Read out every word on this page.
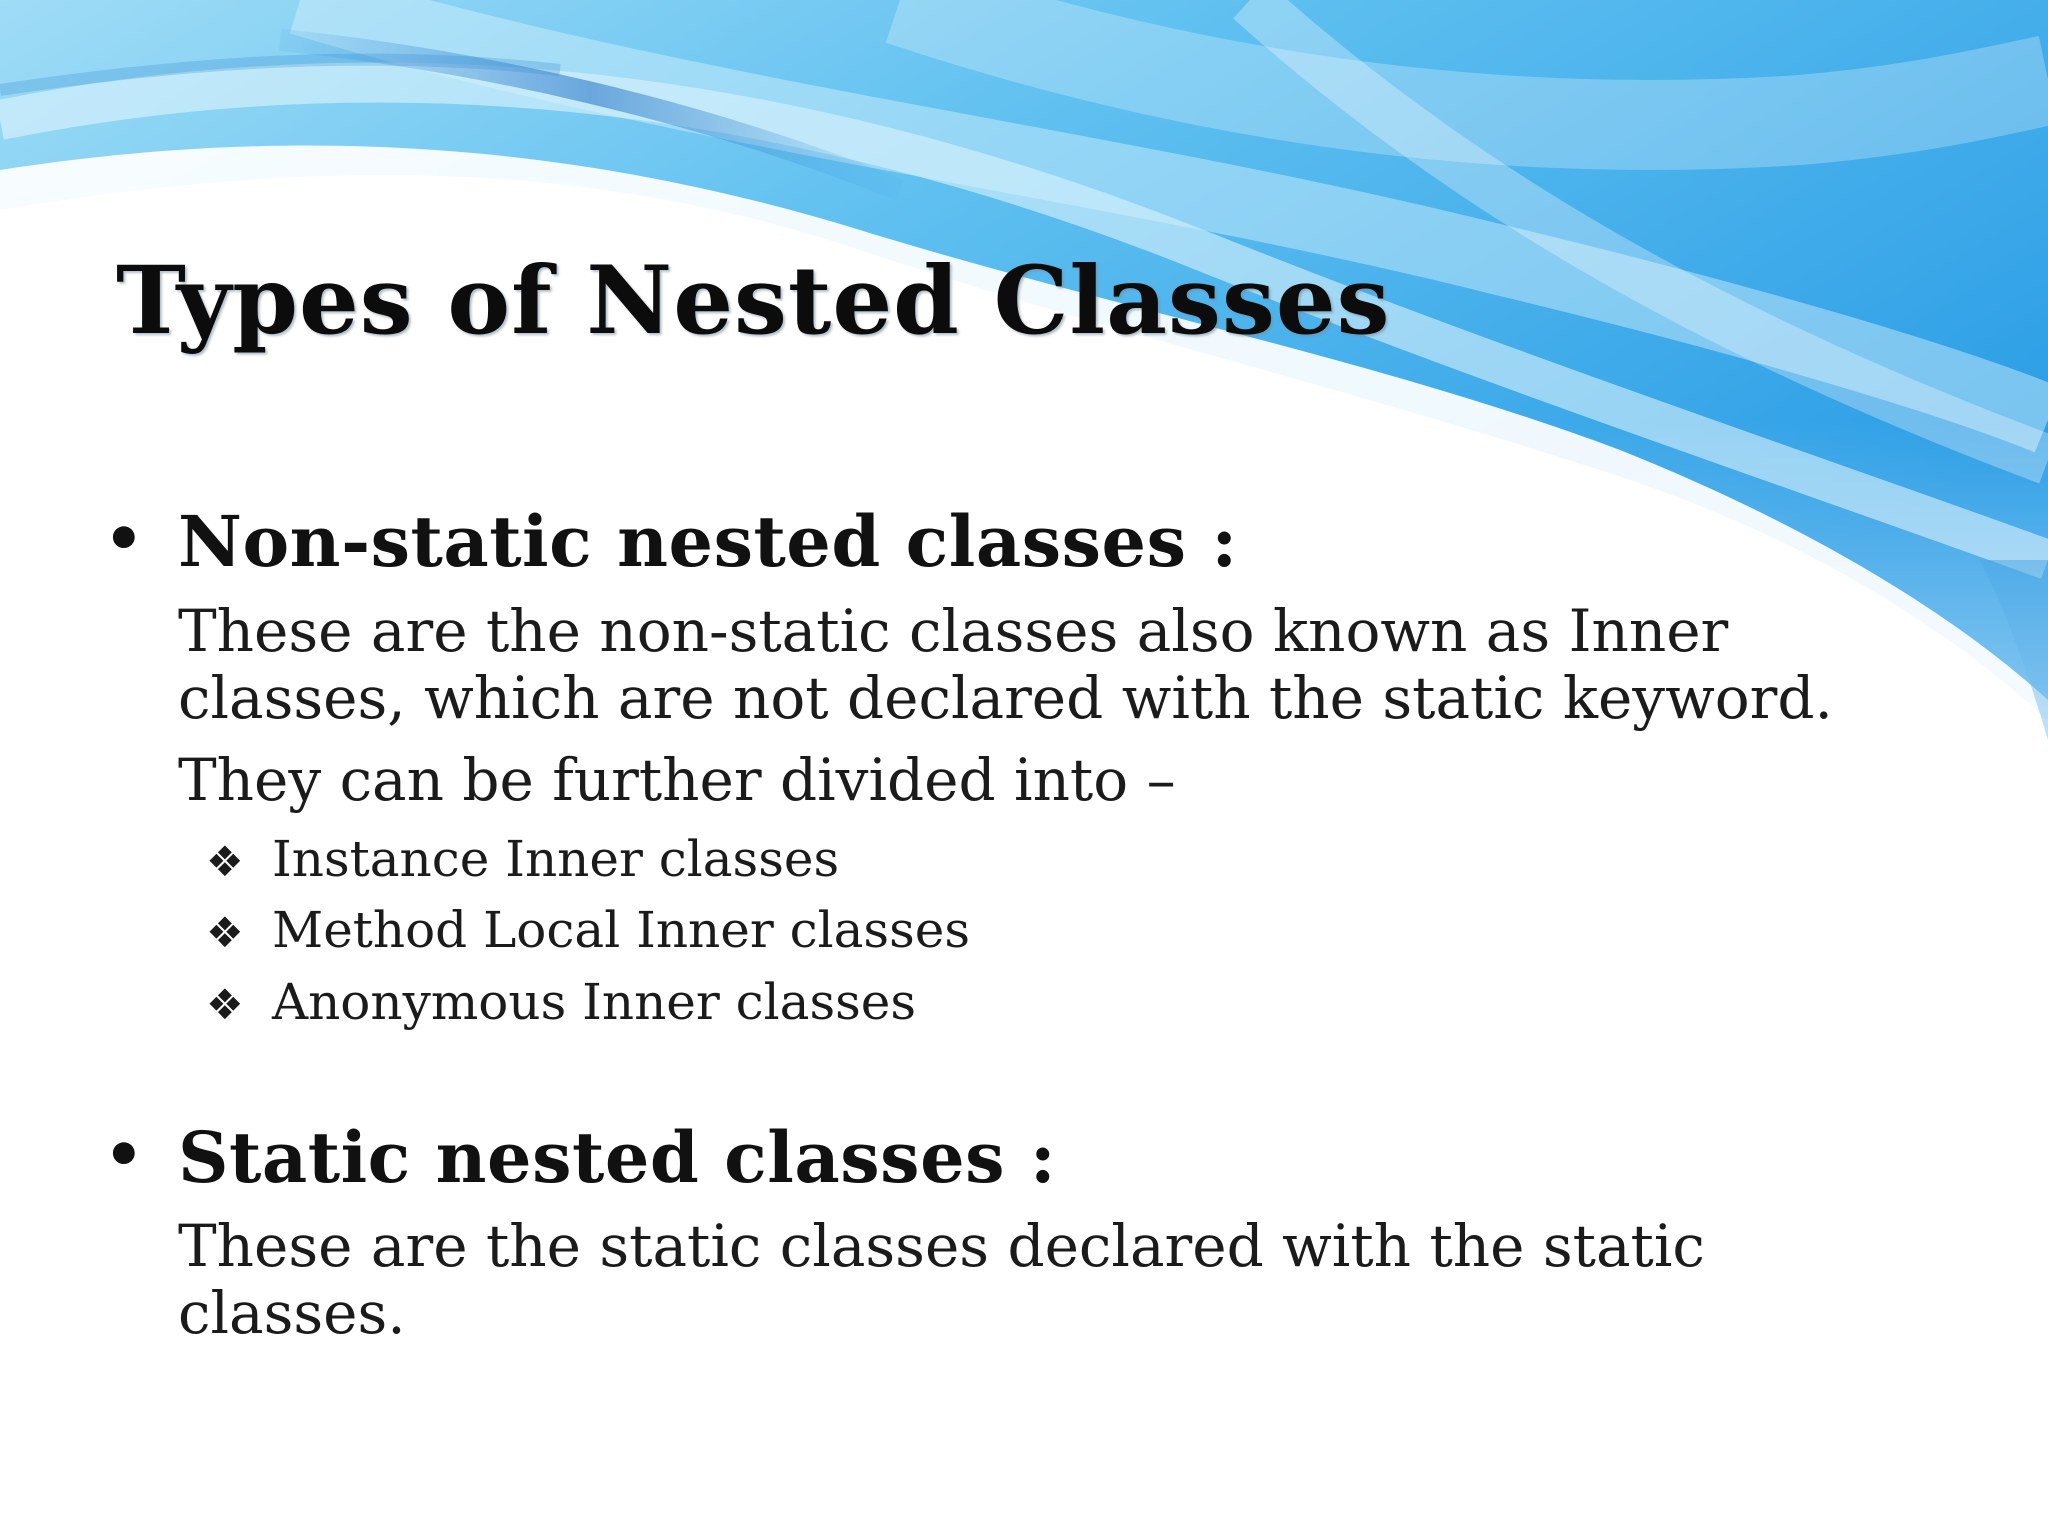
Types of Nested Classes
• Non-static nested classes :
These are the non-static classes also known as Inner
classes, which are not declared with the static keyword.
They can be further divided into –
❖ Instance Inner classes
❖ Method Local Inner classes
❖ Anonymous Inner classes
• Static nested classes :
These are the static classes declared with the static
classes.
